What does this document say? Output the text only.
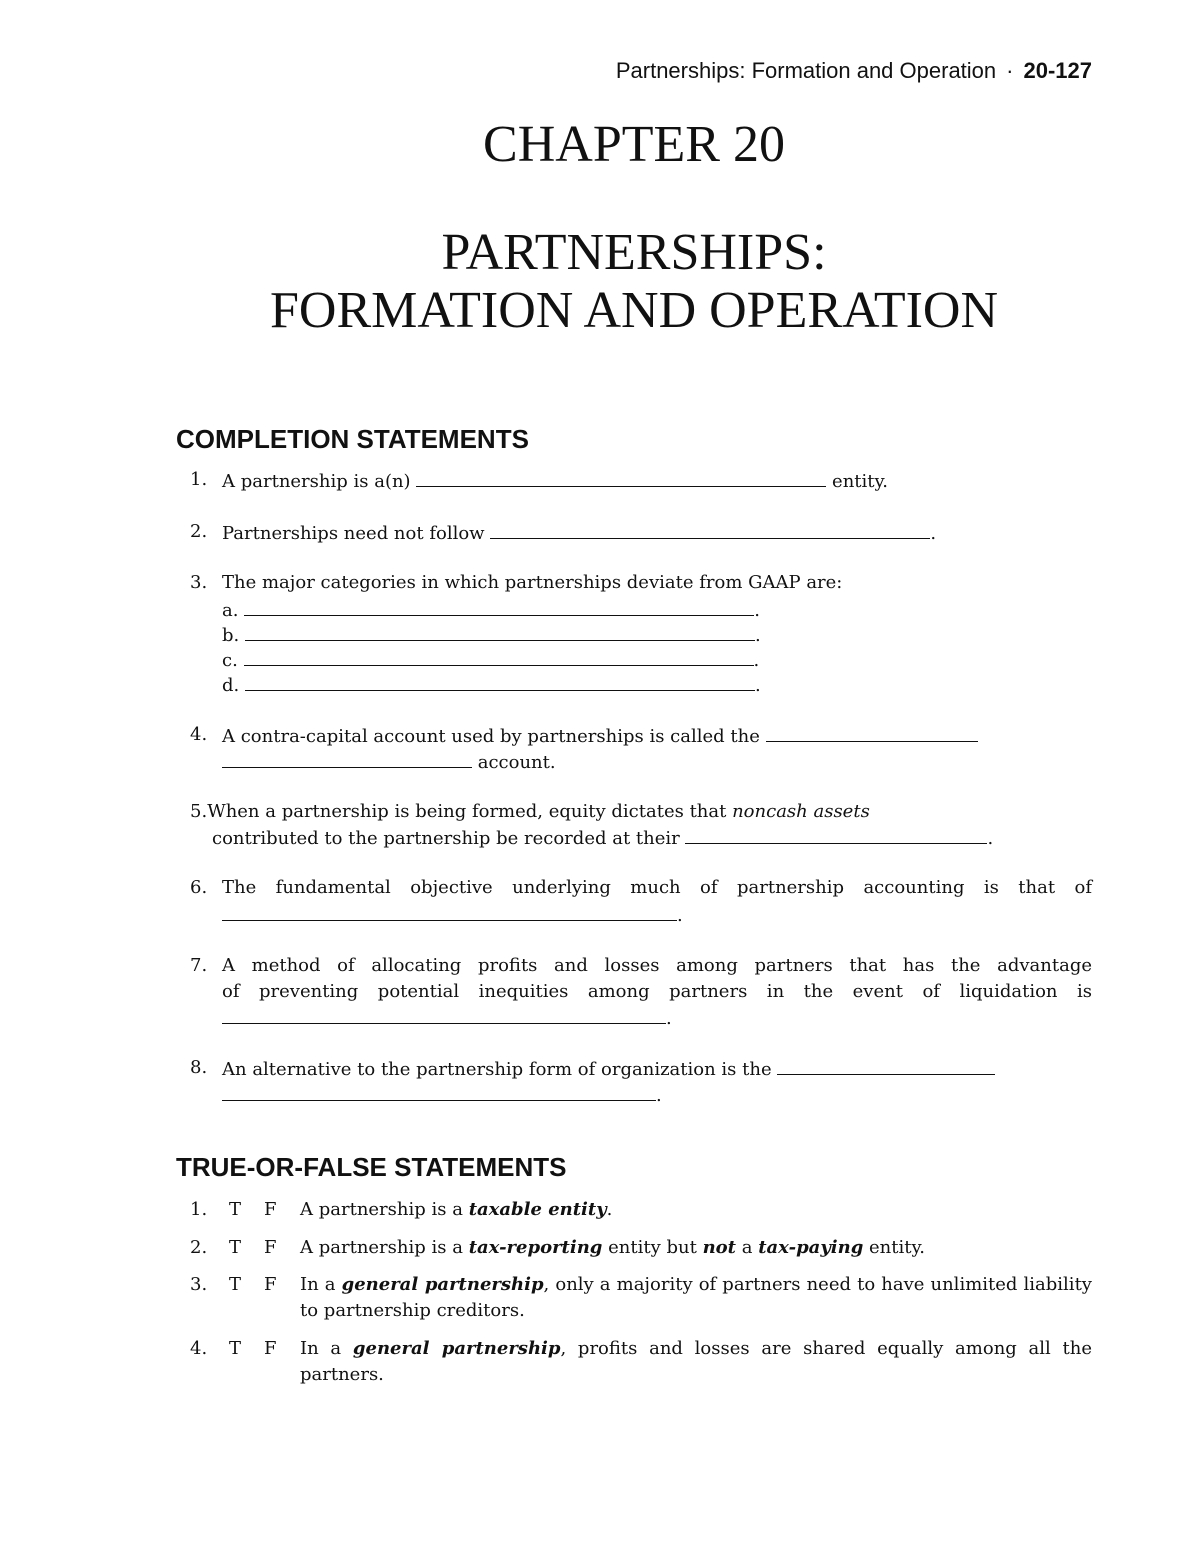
Partnerships: Formation and Operation · 20-127
CHAPTER 20
PARTNERSHIPS:
FORMATION AND OPERATION
COMPLETION STATEMENTS
1. A partnership is a(n)	entity.
2. Partnerships need not follow	.
3. The major categories in which partnerships deviate from GAAP are:
a.	.
b.	.
c.	.
d.	.
4. A contra-capital account used by partnerships is called the
account.
5.When a partnership is being formed, equity dictates that noncash assets
contributed to the partnership be recorded at their	.
6. The fundamental objective underlying much of partnership accounting is that of
.
7. A method of allocating profits and losses among partners that has the advantage
of preventing potential inequities among partners in the event of liquidation is
.
8. An alternative to the partnership form of organization is the
.
TRUE-OR-FALSE STATEMENTS
1. T F A partnership is a taxable entity.
2. T F A partnership is a tax-reporting entity but not a tax-paying entity.
3. T F In a general partnership, only a majority of partners need to have unlimited liability to partnership creditors.
4. T F In a general partnership, profits and losses are shared equally among all the partners.
